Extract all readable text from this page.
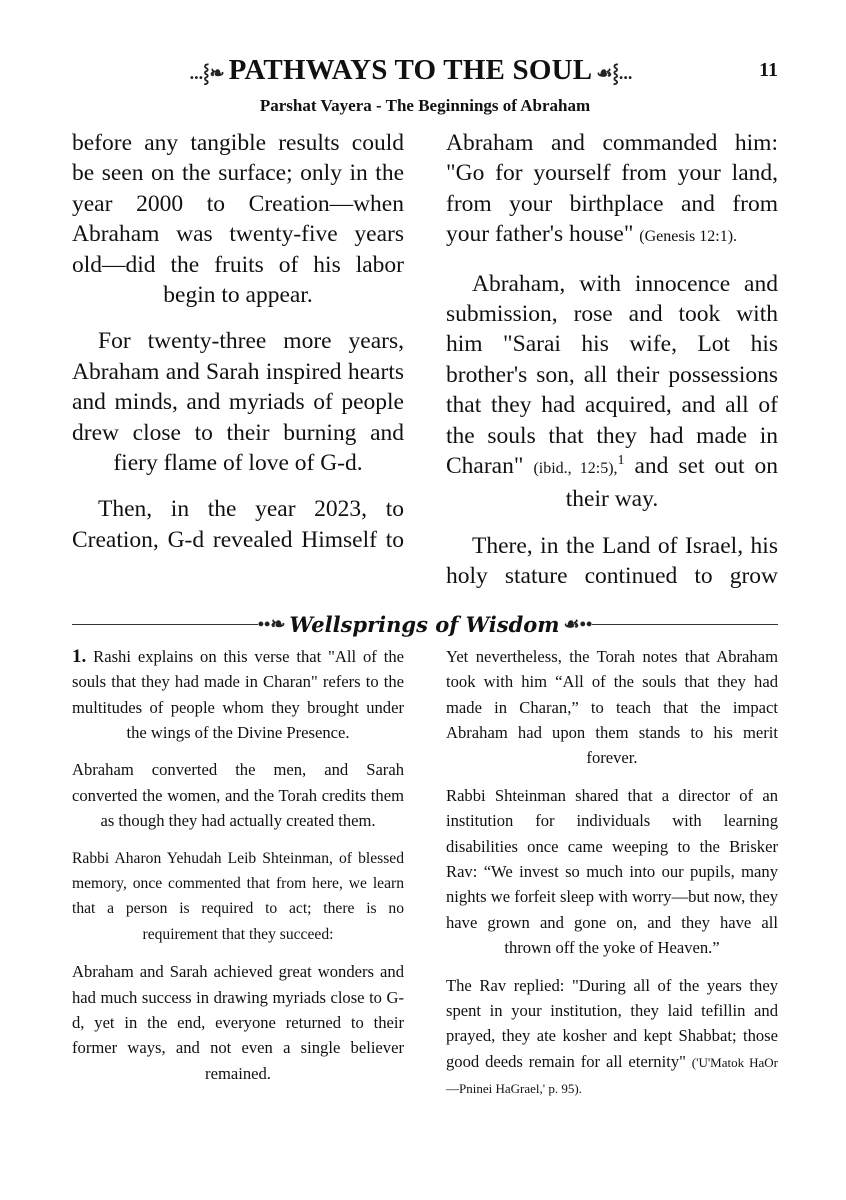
...⸾❧ PATHWAYS TO THE SOUL ☙⸾...	11
Parshat Vayera - The Beginnings of Abraham

before any tangible results could be seen on the surface; only in the year 2000 to Creation—when Abraham was twenty-five years old—did the fruits of his labor begin to appear.

For twenty-three more years, Abraham and Sarah inspired hearts and minds, and myriads of people drew close to their burning and fiery flame of love of G-d.

Then, in the year 2023, to Creation, G-d revealed Himself to

Abraham and commanded him: "Go for yourself from your land, from your birthplace and from your father's house" (Genesis 12:1).

Abraham, with innocence and submission, rose and took with him "Sarai his wife, Lot his brother's son, all their possessions that they had acquired, and all of the souls that they had made in Charan" (ibid., 12:5),$^1$ and set out on their way.

There, in the Land of Israel, his holy stature continued to grow

••❧ Wellsprings of Wisdom ☙••

1. Rashi explains on this verse that "All of the souls that they had made in Charan" refers to the multitudes of people whom they brought under the wings of the Divine Presence.

Abraham converted the men, and Sarah converted the women, and the Torah credits them as though they had actually created them.

Rabbi Aharon Yehudah Leib Shteinman, of blessed memory, once commented that from here, we learn that a person is required to act; there is no requirement that they succeed:

Abraham and Sarah achieved great wonders and had much success in drawing myriads close to G-d, yet in the end, everyone returned to their former ways, and not even a single believer remained.

Yet nevertheless, the Torah notes that Abraham took with him “All of the souls that they had made in Charan,” to teach that the impact Abraham had upon them stands to his merit forever.

Rabbi Shteinman shared that a director of an institution for individuals with learning disabilities once came weeping to the Brisker Rav: “We invest so much into our pupils, many nights we forfeit sleep with worry—but now, they have grown and gone on, and they have all thrown off the yoke of Heaven.”

The Rav replied: "During all of the years they spent in your institution, they laid tefillin and prayed, they ate kosher and kept Shabbat; those good deeds remain for all eternity" ('U'Matok HaOr—Pninei HaGrael,' p. 95).
